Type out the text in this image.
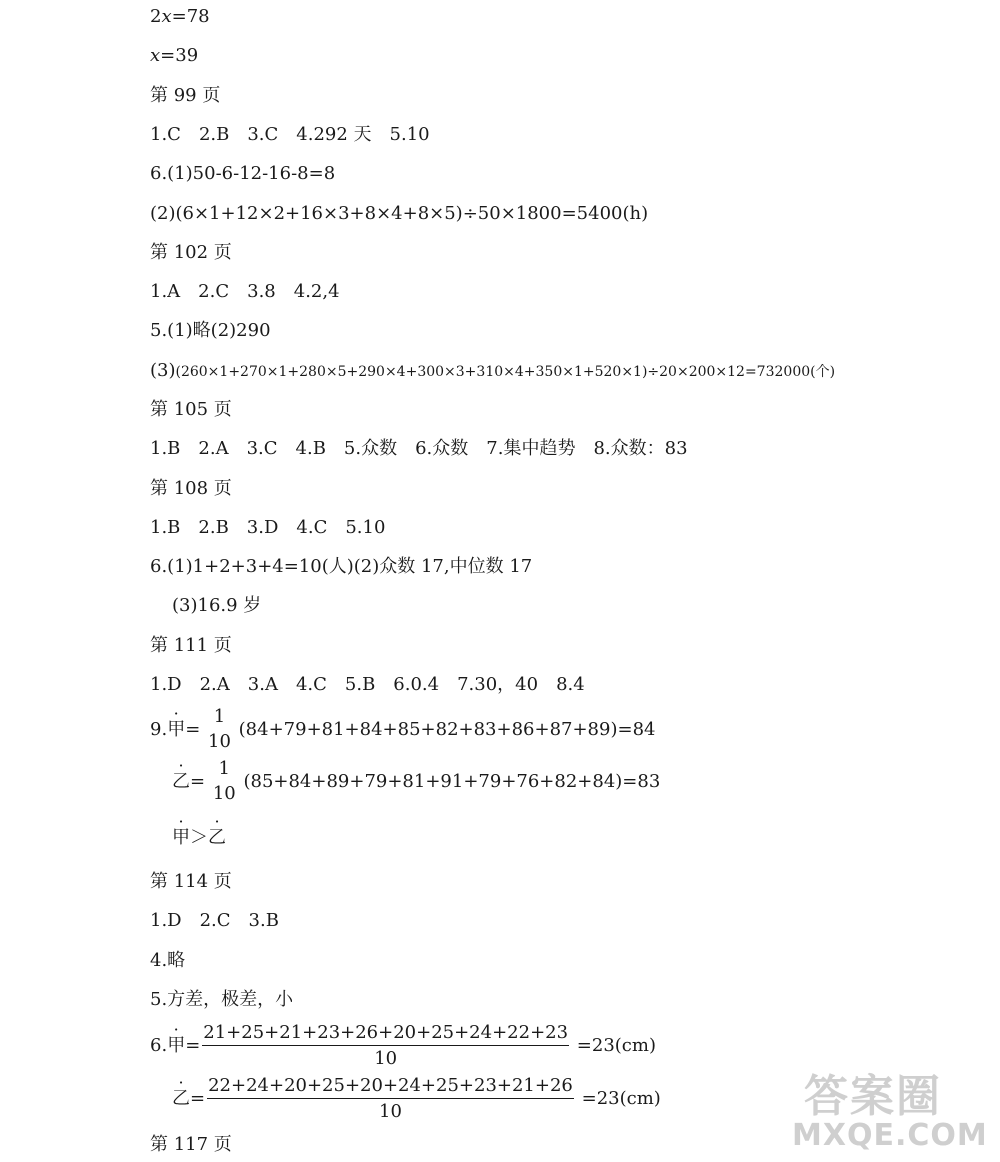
2x=78
x=39
第 99 页
1.C　2.B　3.C　4.292 天　5.10
6.(1)50-6-12-16-8=8
(2)(6×1+12×2+16×3+8×4+8×5)÷50×1800=5400(h)
第 102 页
1.A　2.C　3.8　4.2,4
5.(1)略(2)290
(3)(260×1+270×1+280×5+290×4+300×3+310×4+350×1+520×1)÷20×200×12=732000(个)
第 105 页
1.B　2.A　3.C　4.B　5.众数　6.众数　7.集中趋势　8.众数：83
第 108 页
1.B　2.B　3.D　4.C　5.10
6.(1)1+2+3+4=10(人)(2)众数 17,中位数 17
(3)16.9 岁
第 111 页
1.D　2.A　3.A　4.C　5.B　6.0.4　7.30，40　8.4
9.甲=
1
10
(84+79+81+84+85+82+83+86+87+89)=84
乙=
1
10
(85+84+89+79+81+91+79+76+82+84)=83
甲＞乙
第 114 页
1.D　2.C　3.B
4.略
5.方差，极差，小
6.甲= $\frac{21+25+21+23+26+20+25+24+22+23}{10} =23(cm)$
乙= $\frac{22+24+20+25+20+24+25+23+21+26}{10} =23(cm)$
第 117 页
答案圈
MXQE.COM
